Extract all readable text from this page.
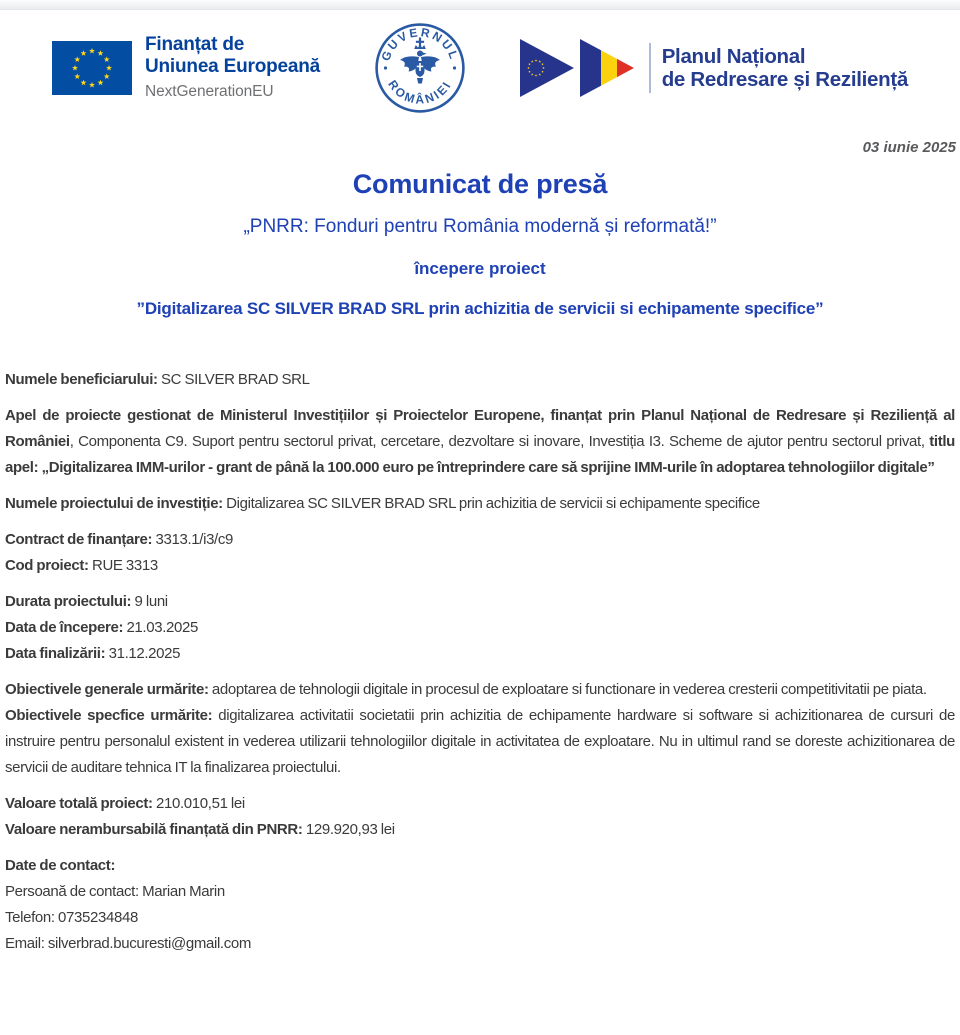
Finanțat de
Uniunea Europeană
NextGenerationEU
GUVERNUL
ROMÂNIEI
Planul Național
de Redresare și Reziliență
03 iunie 2025
Comunicat de presă
„PNRR: Fonduri pentru România modernă și reformată!”
începere proiect
”Digitalizarea SC SILVER BRAD SRL prin achizitia de servicii si echipamente specifice”

Numele beneficiarului: SC SILVER BRAD SRL

Apel de proiecte gestionat de Ministerul Investițiilor și Proiectelor Europene, finanțat prin Planul Național de Redresare și Reziliență al României, Componenta C9. Suport pentru sectorul privat, cercetare, dezvoltare si inovare, Investiția I3. Scheme de ajutor pentru sectorul privat, titlu apel: „Digitalizarea IMM-urilor - grant de până la 100.000 euro pe întreprindere care să sprijine IMM-urile în adoptarea tehnologiilor digitale”

Numele proiectului de investiție: Digitalizarea SC SILVER BRAD SRL prin achizitia de servicii si echipamente specifice

Contract de finanțare: 3313.1/i3/c9

Cod proiect: RUE 3313

Durata proiectului: 9 luni

Data de începere: 21.03.2025

Data finalizării: 31.12.2025

Obiectivele generale urmărite: adoptarea de tehnologii digitale in procesul de exploatare si functionare in vederea cresterii competitivitatii pe piata.

Obiectivele specfice urmărite: digitalizarea activitatii societatii prin achizitia de echipamente hardware si software si achizitionarea de cursuri de instruire pentru personalul existent in vederea utilizarii tehnologiilor digitale in activitatea de exploatare. Nu in ultimul rand se doreste achizitionarea de servicii de auditare tehnica IT la finalizarea proiectului.

Valoare totală proiect: 210.010,51 lei

Valoare nerambursabilă finanțată din PNRR: 129.920,93 lei

Date de contact:

Persoană de contact: Marian Marin

Telefon: 0735234848

Email: silverbrad.bucuresti@gmail.com
